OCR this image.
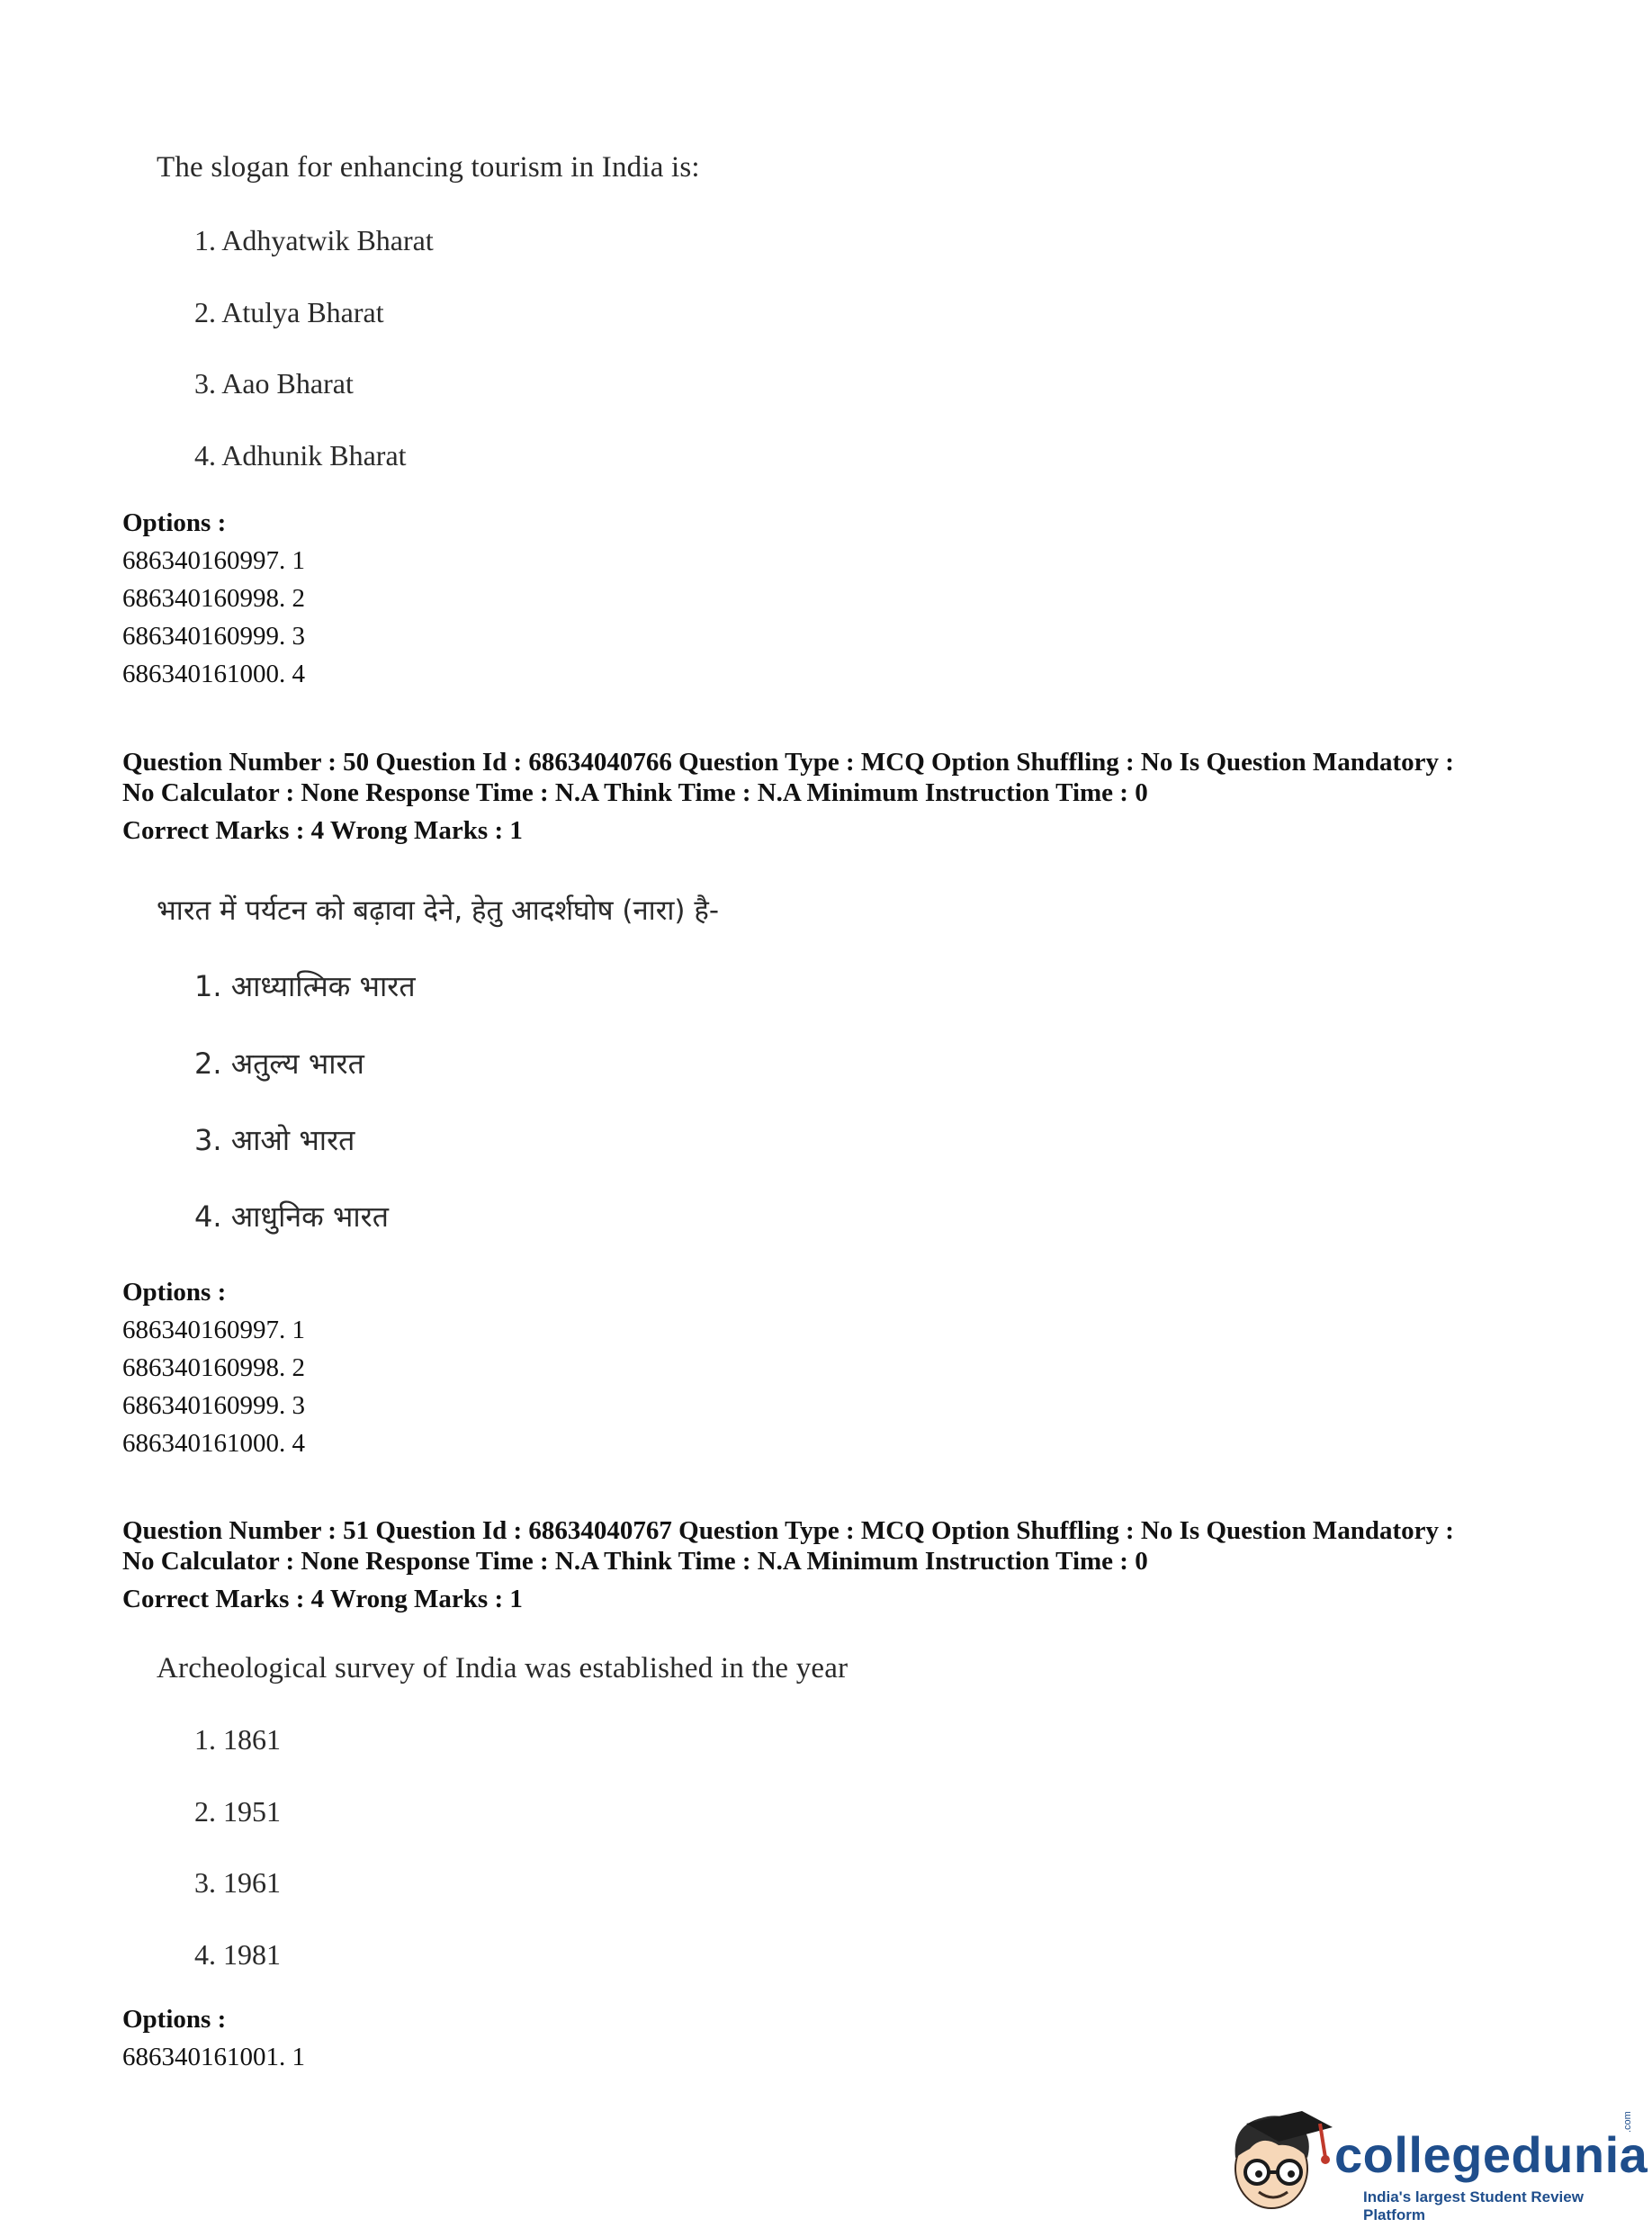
The slogan for enhancing tourism in India is:
1. Adhyatwik Bharat
2. Atulya Bharat
3. Aao Bharat
4. Adhunik Bharat
Options :
686340160997. 1
686340160998. 2
686340160999. 3
686340161000. 4
Question Number : 50 Question Id : 68634040766 Question Type : MCQ Option Shuffling : No Is Question Mandatory :
No Calculator : None Response Time : N.A Think Time : N.A Minimum Instruction Time : 0
Correct Marks : 4 Wrong Marks : 1
भारत में पर्यटन को बढ़ावा देने, हेतु आदर्शघोष (नारा) है-
1. आध्यात्मिक भारत
2. अतुल्य भारत
3. आओ भारत
4. आधुनिक भारत
Options :
686340160997. 1
686340160998. 2
686340160999. 3
686340161000. 4
Question Number : 51 Question Id : 68634040767 Question Type : MCQ Option Shuffling : No Is Question Mandatory :
No Calculator : None Response Time : N.A Think Time : N.A Minimum Instruction Time : 0
Correct Marks : 4 Wrong Marks : 1
Archeological survey of India was established in the year
1. 1861
2. 1951
3. 1961
4. 1981
Options :
686340161001. 1
collegedunia
.com
India's largest Student Review Platform
